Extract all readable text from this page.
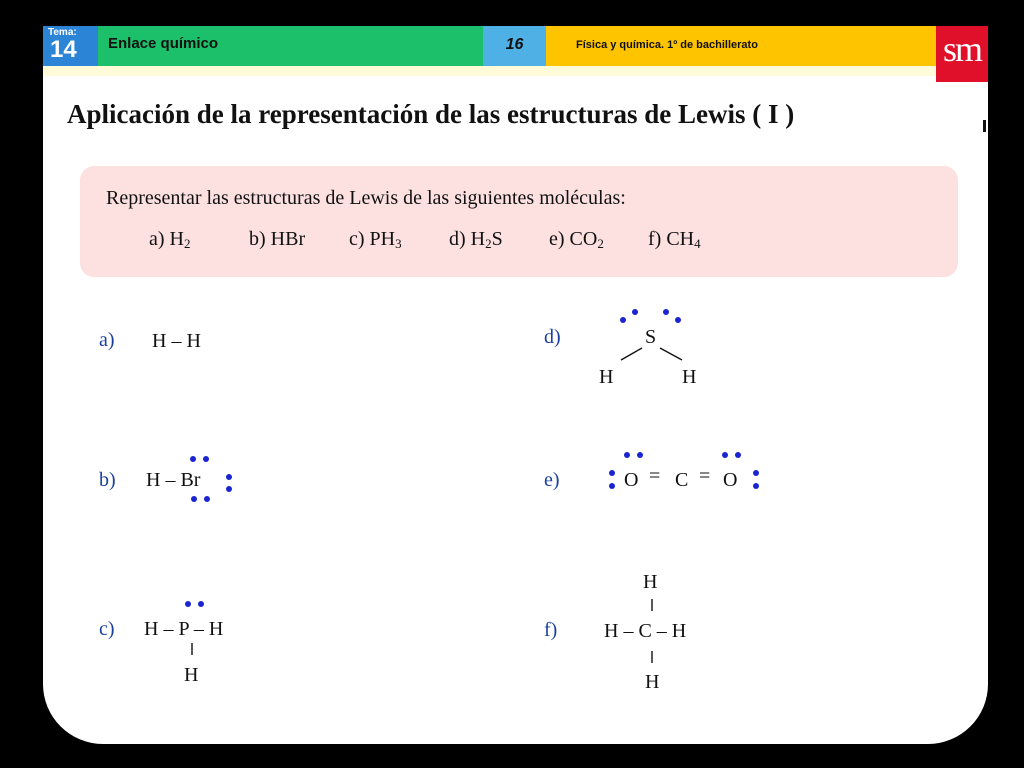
Tema:
14 Enlace químico	16	Física y química. 1º de bachillerato	sm
Aplicación de la representación de las estructuras de Lewis ( I )
Representar las estructuras de Lewis de las siguientes moléculas:
a) $H_2$	b) HBr c) $PH_3$ d) $H_2S$ e) $CO_2$ f) $CH_4$
a) H – H
b) H – Br
c) H – P – H
H
d)	S
H	H
e)	O = C = O
f)
H
H – C – H
H
